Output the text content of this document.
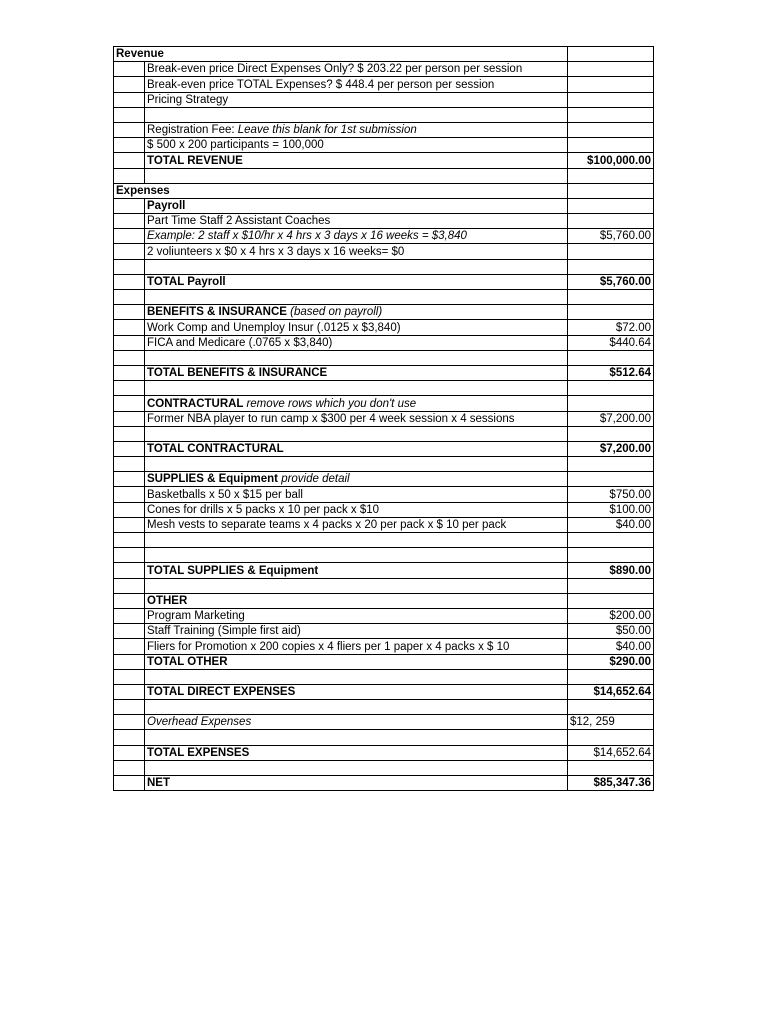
Revenue		
	Break-even price Direct Expenses Only? $ 203.22 per person per session	
	Break-even price TOTAL Expenses? $ 448.4 per person per session	
	Pricing Strategy	

	Registration Fee: Leave this blank for 1st submission	
	$ 500 x 200 participants = 100,000	
	TOTAL REVENUE	$100,000.00

Expenses		
	Payroll	
	Part Time Staff 2 Assistant Coaches	
	Example: 2 staff x $10/hr x 4 hrs x 3 days x 16 weeks = $3,840	$5,760.00
	2 voliunteers x $0 x 4 hrs x 3 days x 16 weeks= $0	

	TOTAL Payroll	$5,760.00

	BENEFITS & INSURANCE (based on payroll)	
	Work Comp and Unemploy Insur (.0125 x $3,840)	$72.00
	FICA and Medicare (.0765 x $3,840)	$440.64

	TOTAL BENEFITS & INSURANCE	$512.64

	CONTRACTURAL remove rows which you don't use	
	Former NBA player to run camp x $300 per 4 week session x 4 sessions	$7,200.00

	TOTAL CONTRACTURAL	$7,200.00

	SUPPLIES & Equipment provide detail	
	Basketballs x 50 x $15 per ball	$750.00
	Cones for drills x 5 packs x 10 per pack x $10	$100.00
	Mesh vests to separate teams x 4 packs x 20 per pack x $ 10 per pack	$40.00

	TOTAL SUPPLIES & Equipment	$890.00

	OTHER	
	Program Marketing	$200.00
	Staff Training (Simple first aid)	$50.00
	Fliers for Promotion x 200 copies x 4 fliers per 1 paper x 4 packs x $ 10	$40.00
	TOTAL OTHER	$290.00

	TOTAL DIRECT EXPENSES	$14,652.64

	Overhead Expenses	$12, 259

	TOTAL EXPENSES	$14,652.64

	NET	$85,347.36
